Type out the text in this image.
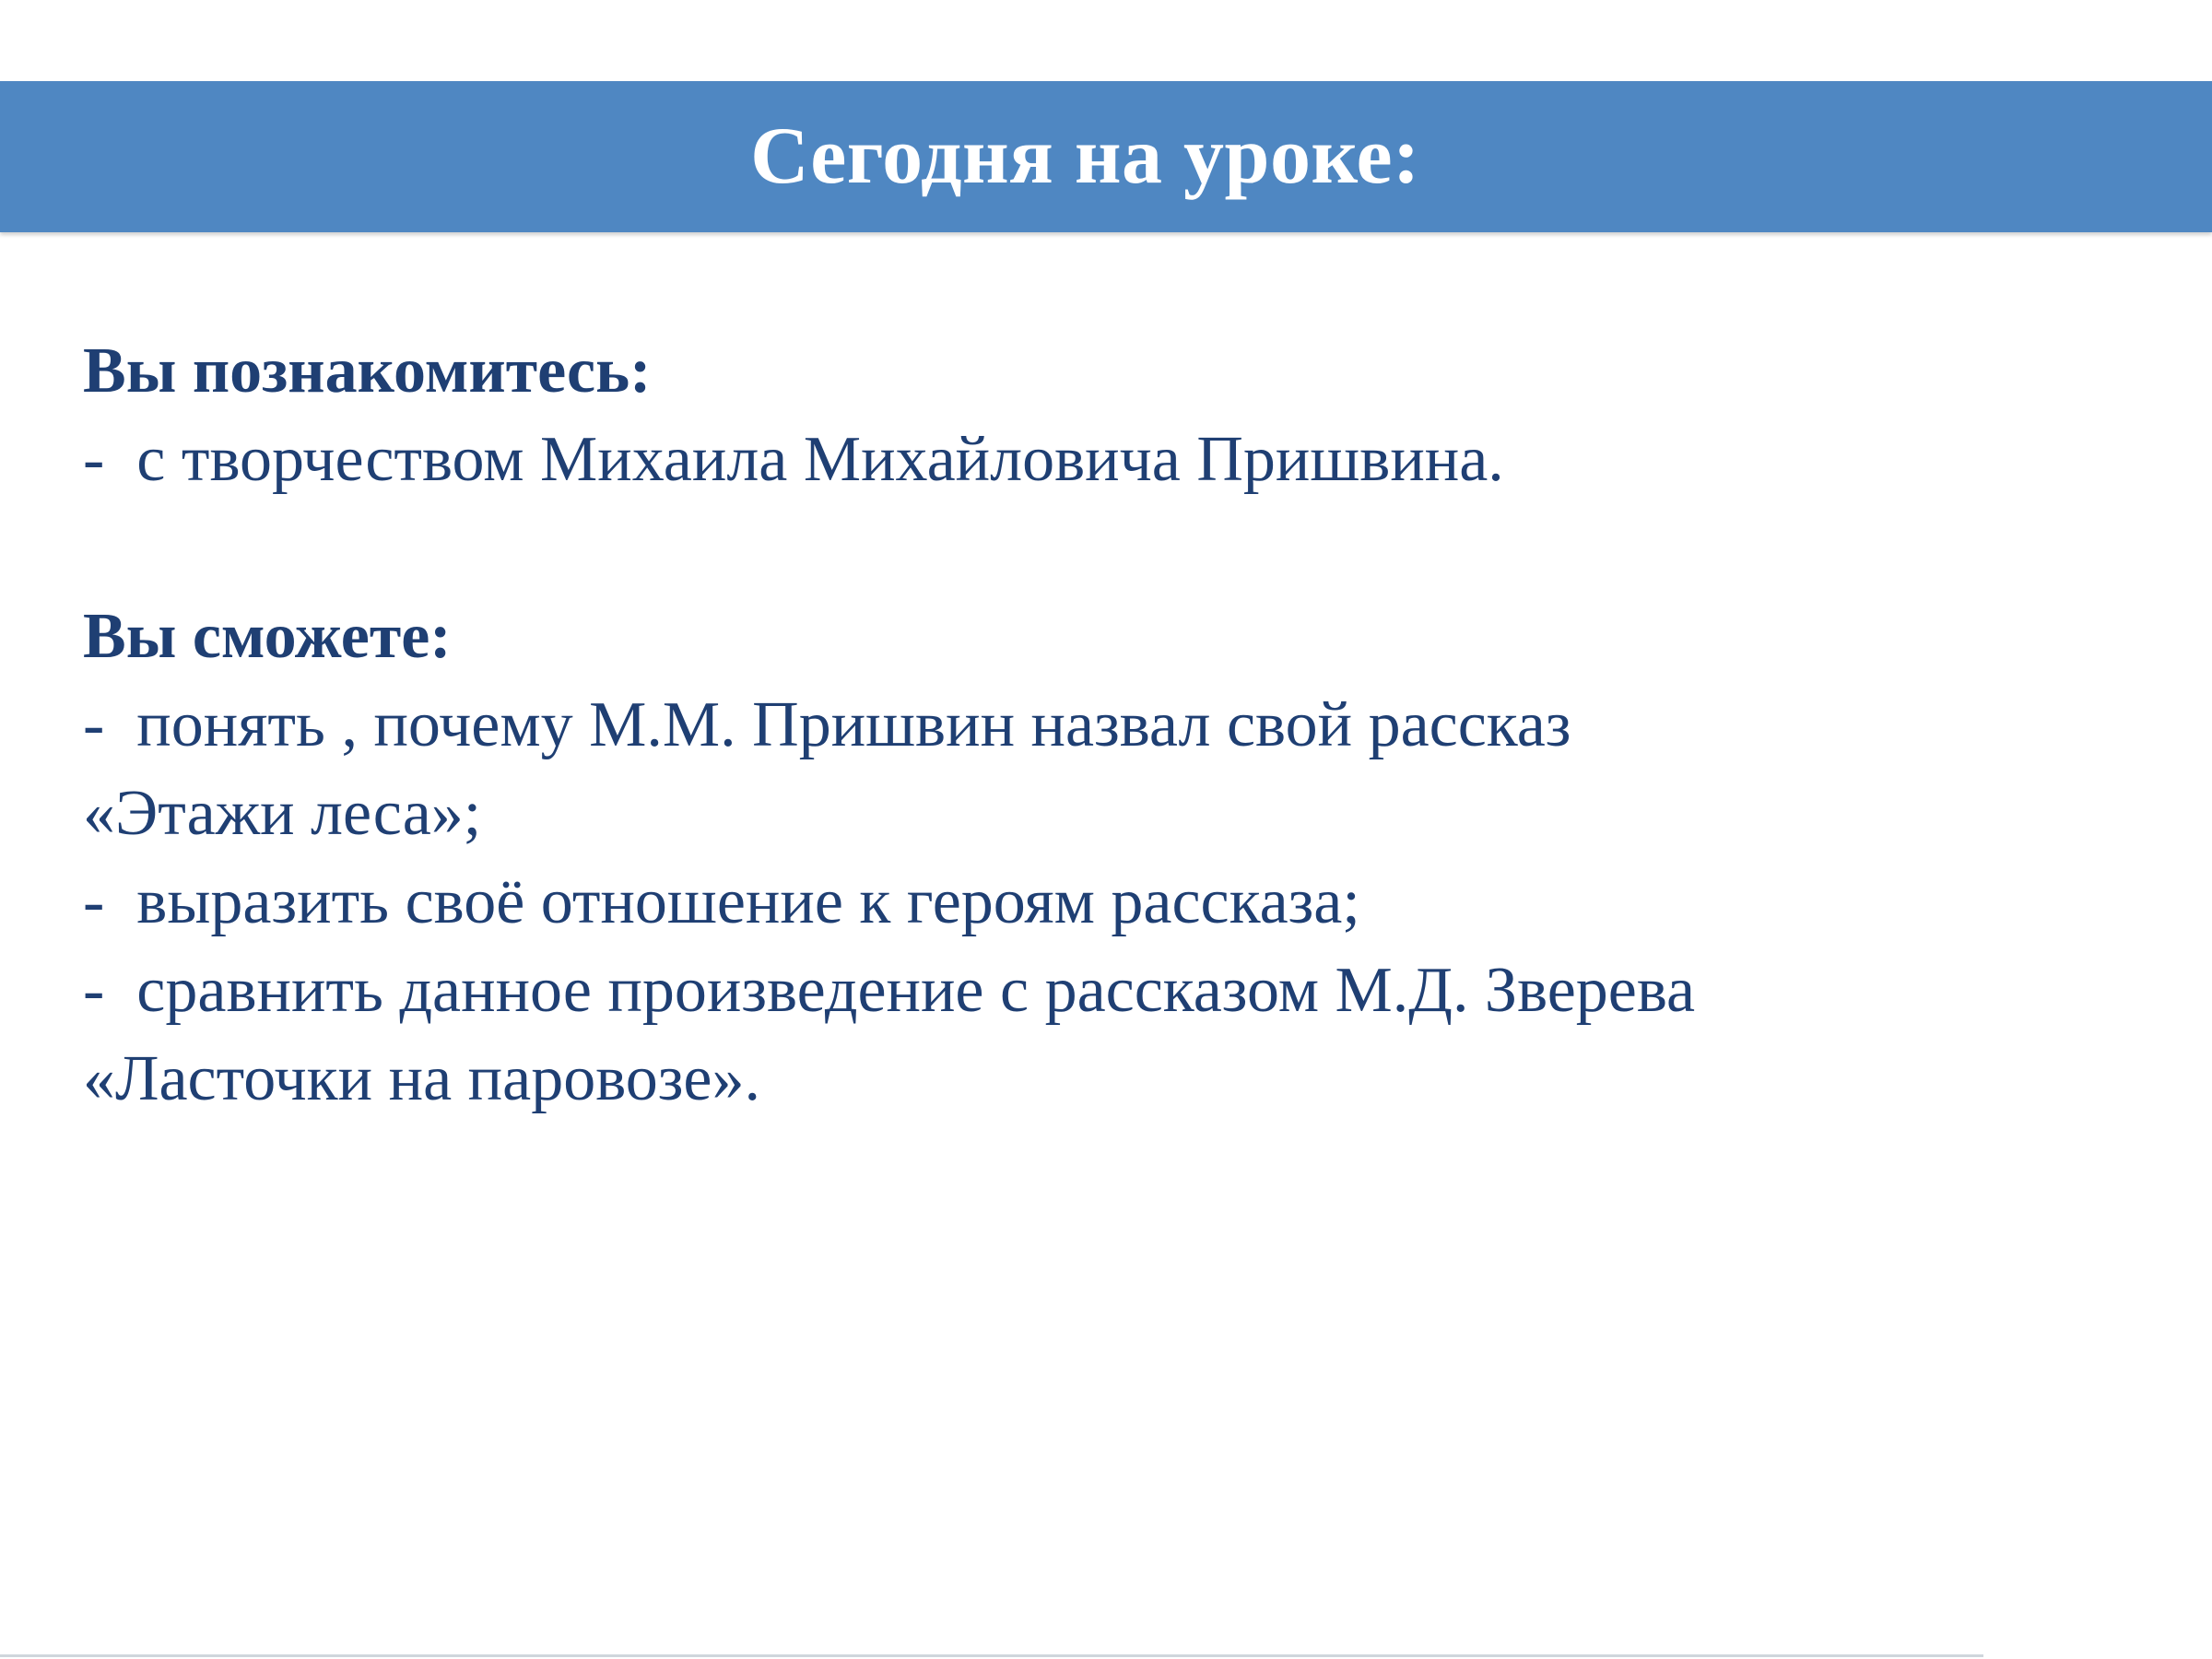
Сегодня на уроке:
Вы познакомитесь:
-  с творчеством Михаила Михайловича Пришвина.
Вы сможете:
-  понять , почему М.М. Пришвин назвал свой рассказ
«Этажи леса»;
-  выразить своё отношение к героям рассказа;
-  сравнить данное произведение с рассказом М.Д. Зверева
«Ласточки на паровозе».
